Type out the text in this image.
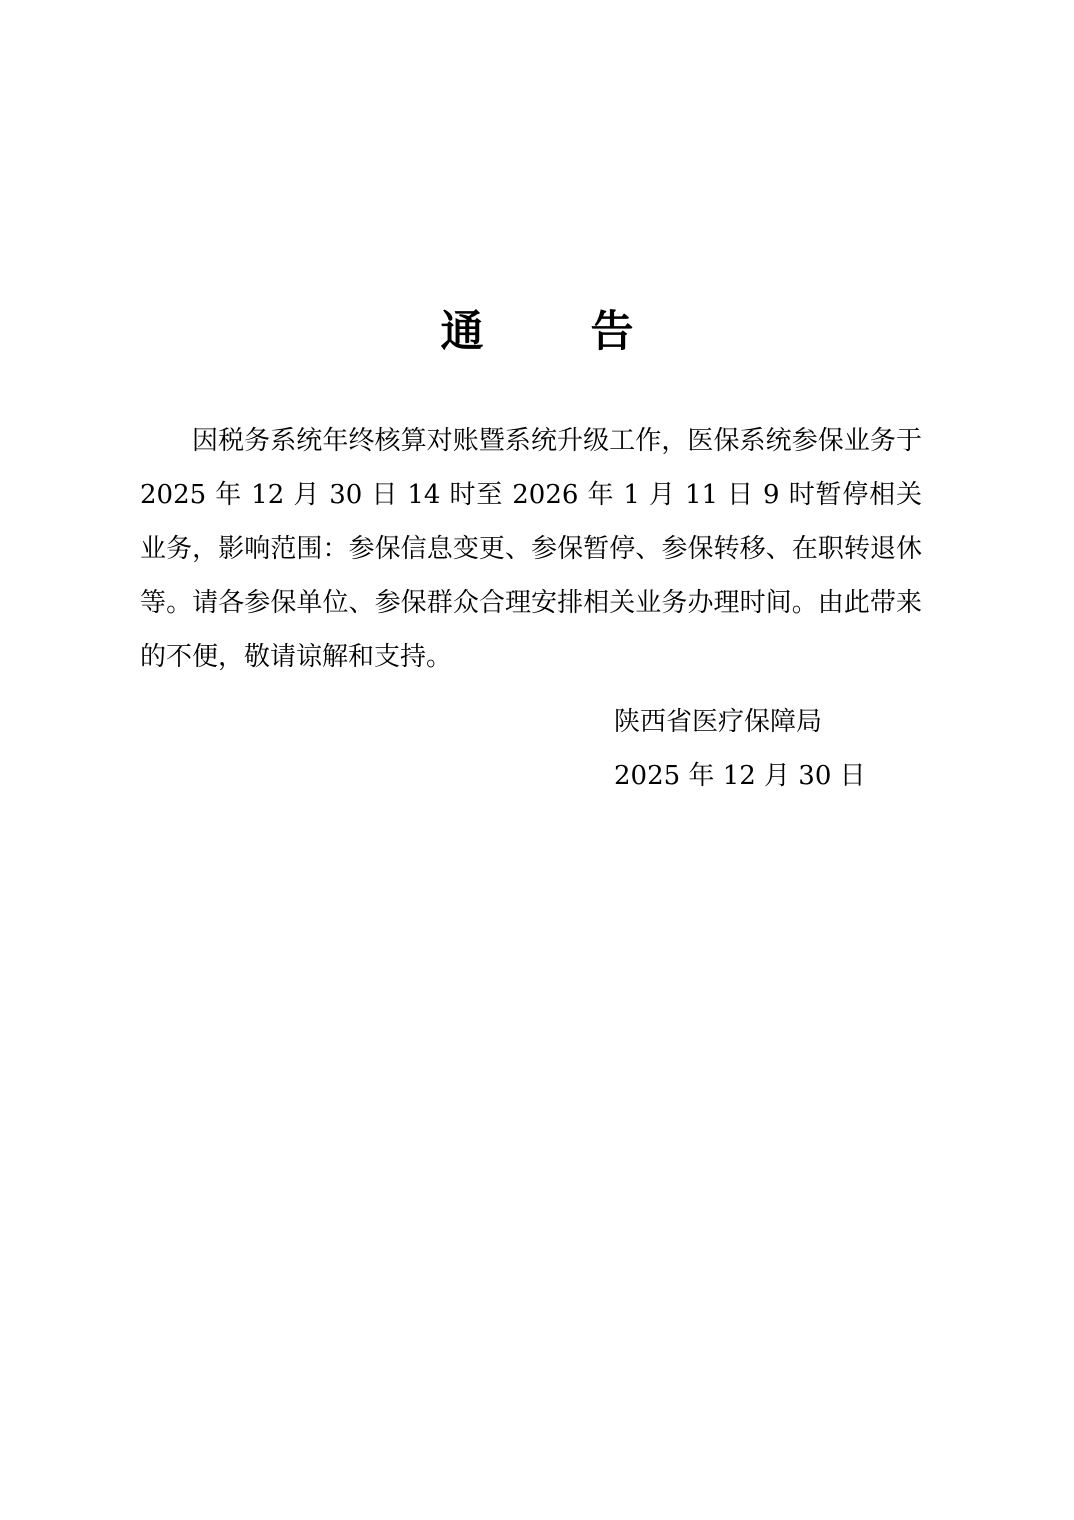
通　告

因税务系统年终核算对账暨系统升级工作，医保系统参保业务于 2025 年 12 月 30 日 14 时至 2026 年 1 月 11 日 9 时暂停相关业务，影响范围：参保信息变更、参保暂停、参保转移、在职转退休等。请各参保单位、参保群众合理安排相关业务办理时间。由此带来的不便，敬请谅解和支持。

陕西省医疗保障局
2025 年 12 月 30 日
